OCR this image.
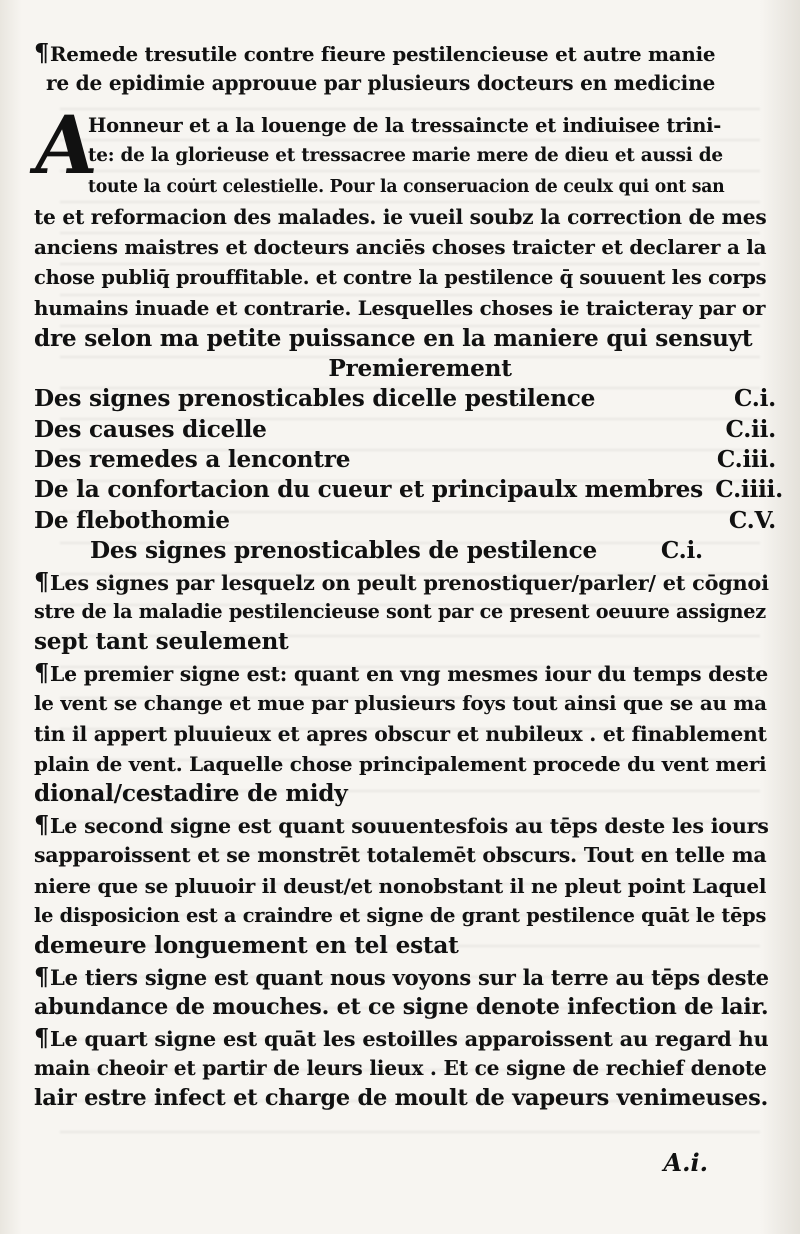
¶Remede tresutile contre fieure pestilencieuse et autre manie
re de epidimie approuue par plusieurs docteurs en medicine
A
Honneur et a la louenge de la tressaincte et indiuisee trini-
te: de la glorieuse et tressacree marie mere de dieu et aussi de
toute la cou̇rt celestielle. Pour la conseruacion de ceulx qui ont san
te et reformacion des malades. ie vueil soubz la correction de mes
anciens maistres et docteurs anciēs choses traicter et declarer a la
chose publiq̄ prouffitable. et contre la pestilence q̄ souuent les corps
humains inuade et contrarie. Lesquelles choses ie traicteray par or
dre selon ma petite puissance en la maniere qui sensuyt
Premierement
Des signes prenosticables dicelle pestilence	C.i.
Des causes dicelle	C.ii.
Des remedes a lencontre	C.iii.
De la confortacion du cueur et principaulx membres C.iiii.
De flebothomie	C.V.
Des signes prenosticables de pestilence	C.i.
¶Les signes par lesquelz on peult prenostiquer/parler/ et cōgnoi
stre de la maladie pestilencieuse sont par ce present oeuure assignez
sept tant seulement
¶Le premier signe est: quant en vng mesmes iour du temps deste
le vent se change et mue par plusieurs foys tout ainsi que se au ma
tin il appert pluuieux et apres obscur et nubileux . et finablement
plain de vent. Laquelle chose principalement procede du vent meri
dional/cestadire de midy
¶Le second signe est quant souuentesfois au tēps deste les iours
sapparoissent et se monstrēt totalemēt obscurs. Tout en telle ma
niere que se pluuoir il deust/et nonobstant il ne pleut point Laquel
le disposicion est a craindre et signe de grant pestilence quāt le tēps
demeure longuement en tel estat
¶Le tiers signe est quant nous voyons sur la terre au tēps deste
abundance de mouches. et ce signe denote infection de lair.
¶Le quart signe est quāt les estoilles apparoissent au regard hu
main cheoir et partir de leurs lieux . Et ce signe de rechief denote
lair estre infect et charge de moult de vapeurs venimeuses.
A.i.
